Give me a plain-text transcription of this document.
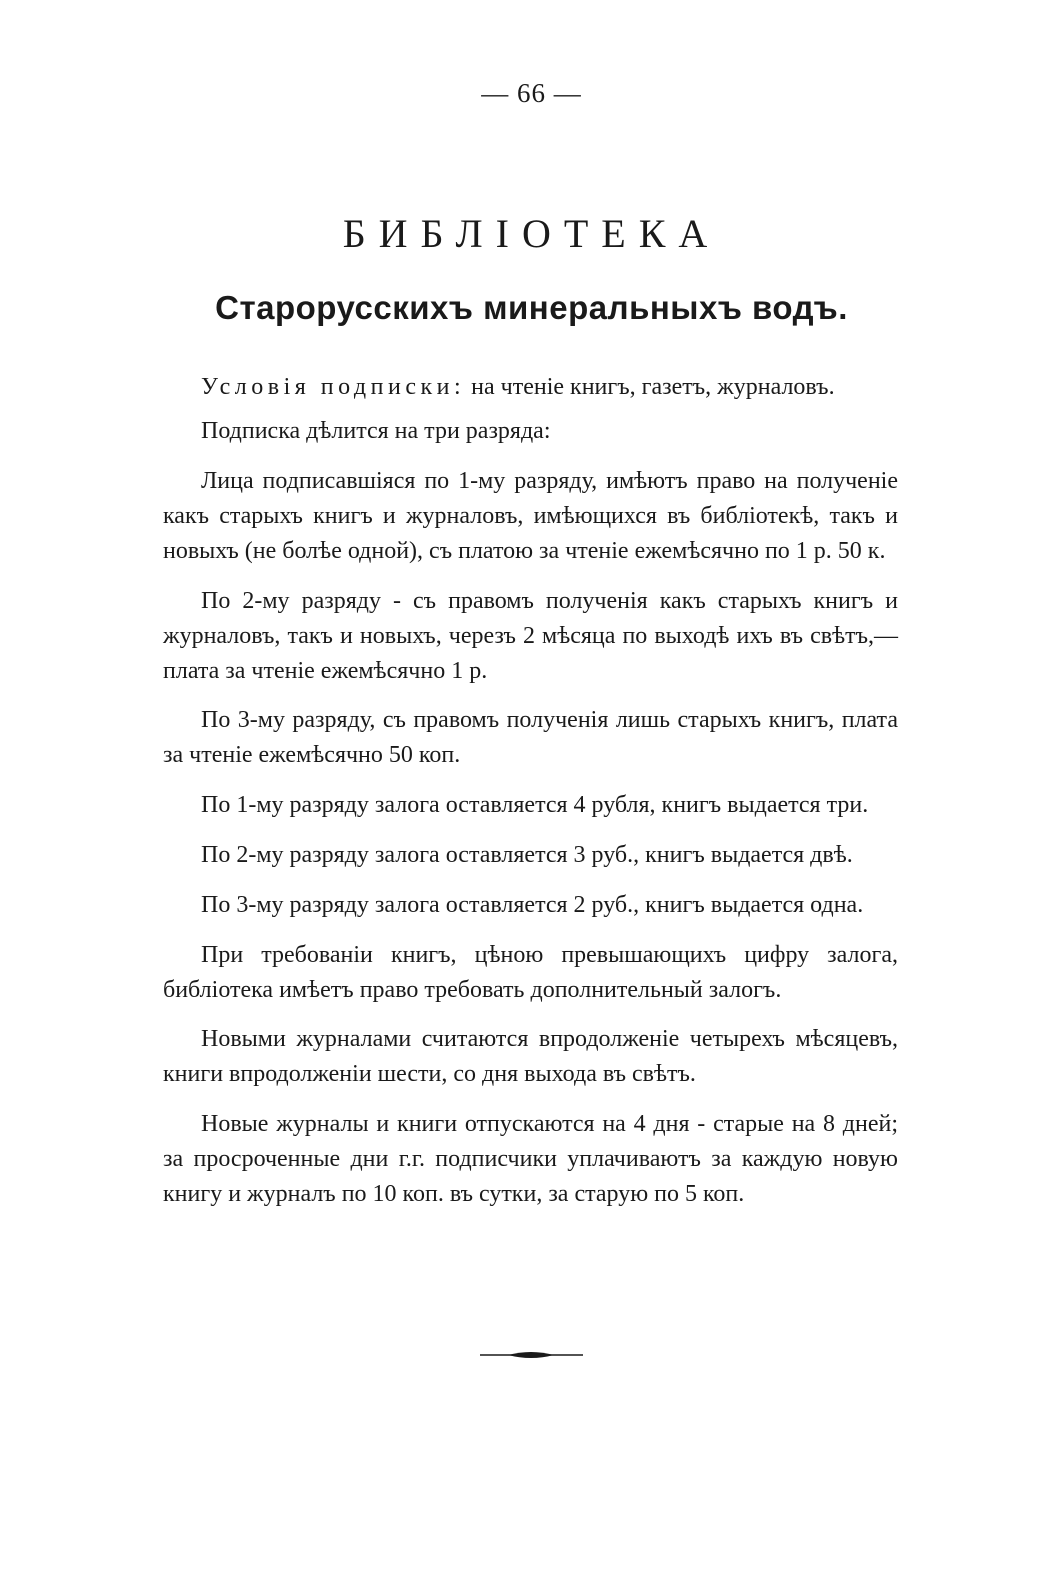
— 66 —
БИБЛІОТЕКА
Старорусскихъ минеральныхъ водъ.

Условія подписки: на чтеніе книгъ, газетъ, журналовъ.

Подписка дѣлится на три разряда:

Лица подписавшіяся по 1-му разряду, имѣютъ право на полученіе какъ старыхъ книгъ и журналовъ, имѣющихся въ библіотекѣ, такъ и новыхъ (не болѣе одной), съ платою за чтеніе ежемѣсячно по 1 р. 50 к.

По 2-му разряду - съ правомъ полученія какъ старыхъ книгъ и журналовъ, такъ и новыхъ, черезъ 2 мѣсяца по выходѣ ихъ въ свѣтъ,—плата за чтеніе ежемѣсячно 1 р.

По 3-му разряду, съ правомъ полученія лишь старыхъ книгъ, плата за чтеніе ежемѣсячно 50 коп.

По 1-му разряду залога оставляется 4 рубля, книгъ выдается три.

По 2-му разряду залога оставляется 3 руб., книгъ выдается двѣ.

По 3-му разряду залога оставляется 2 руб., книгъ выдается одна.

При требованіи книгъ, цѣною превышающихъ цифру залога, библіотека имѣетъ право требовать дополнительный залогъ.

Новыми журналами считаются впродолженіе четырехъ мѣсяцевъ, книги впродолженіи шести, со дня выхода въ свѣтъ.

Новые журналы и книги отпускаются на 4 дня - старые на 8 дней; за просроченные дни г.г. подписчики уплачиваютъ за каждую новую книгу и журналъ по 10 коп. въ сутки, за старую по 5 коп.
